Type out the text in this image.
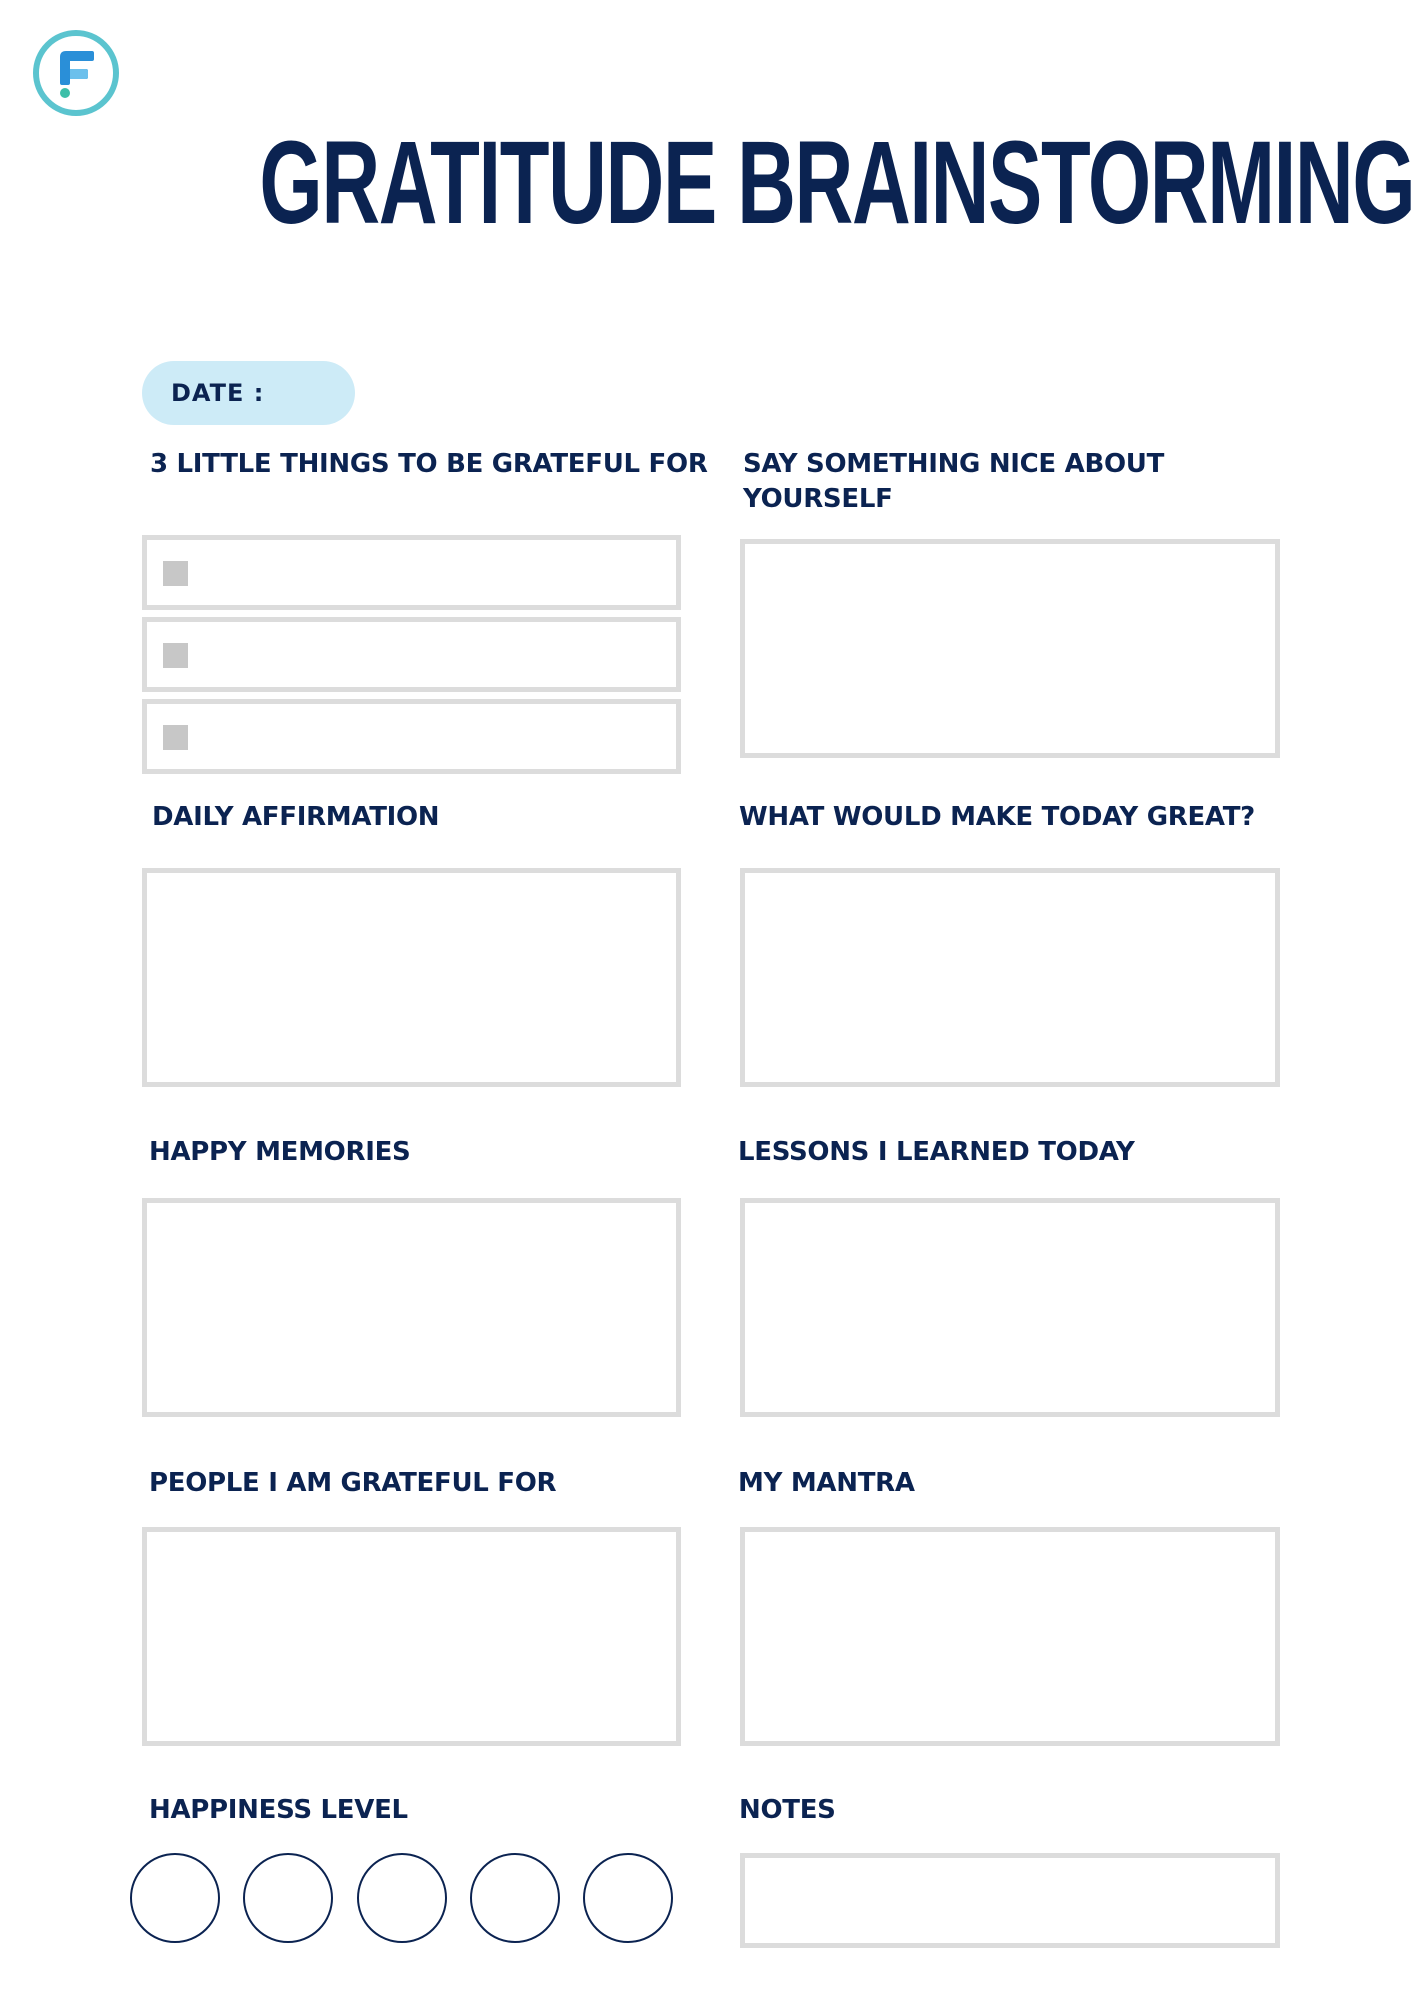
GRATITUDE BRAINSTORMING
DATE :

3 LITTLE THINGS TO BE GRATEFUL FOR SAY SOMETHING NICE ABOUT YOURSELF

DAILY AFFIRMATION	WHAT WOULD MAKE TODAY GREAT?

HAPPY MEMORIES	LESSONS I LEARNED TODAY

PEOPLE I AM GRATEFUL FOR	MY MANTRA

HAPPINESS LEVEL	NOTES
